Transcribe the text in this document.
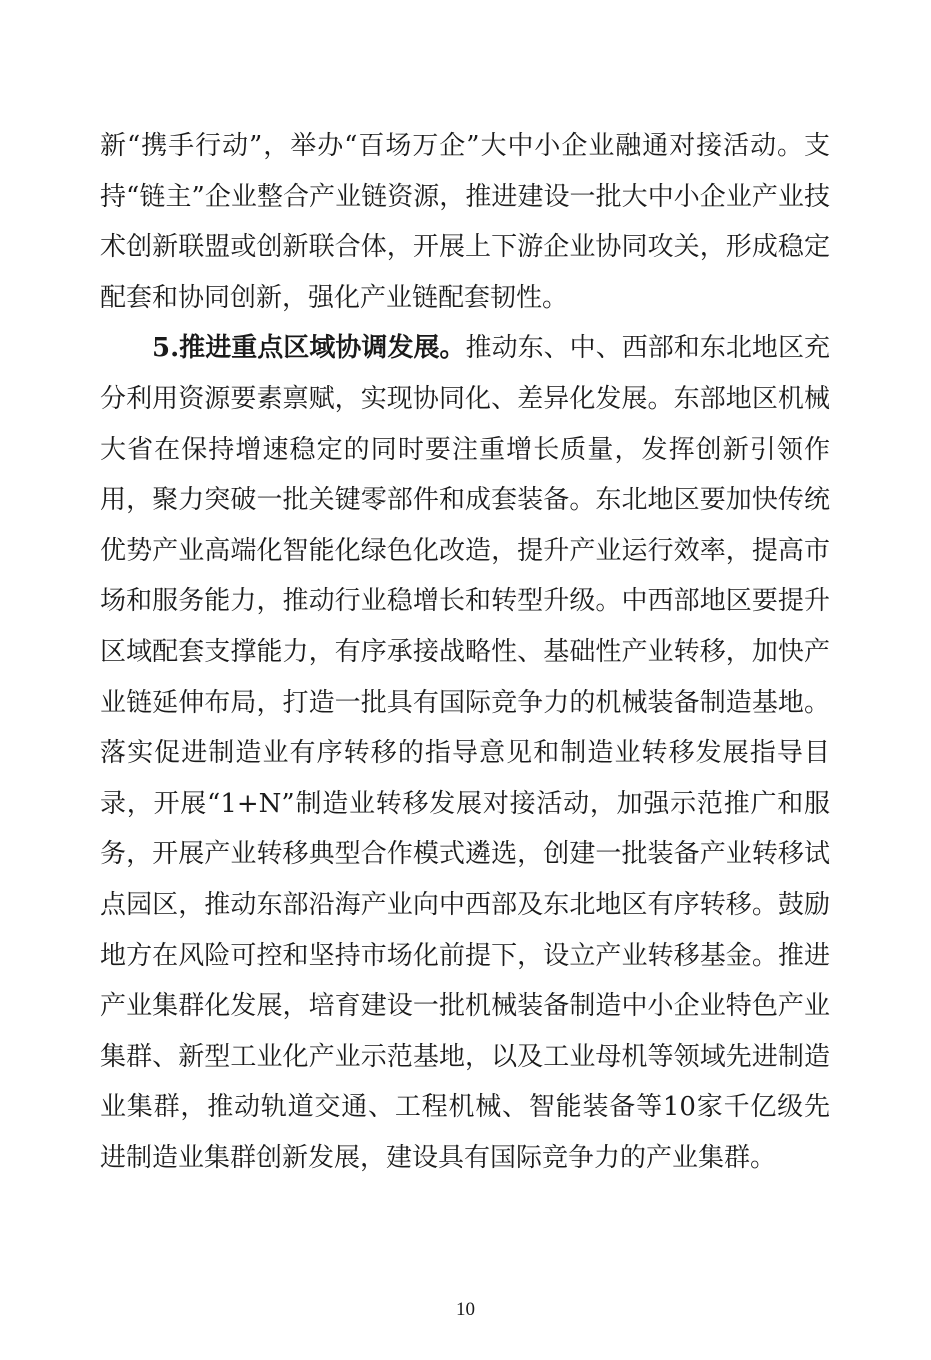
新“携手行动”，举办“百场万企”大中小企业融通对接活动。支持“链主”企业整合产业链资源，推进建设一批大中小企业产业技术创新联盟或创新联合体，开展上下游企业协同攻关，形成稳定配套和协同创新，强化产业链配套韧性。

5.推进重点区域协调发展。推动东、中、西部和东北地区充分利用资源要素禀赋，实现协同化、差异化发展。东部地区机械大省在保持增速稳定的同时要注重增长质量，发挥创新引领作用，聚力突破一批关键零部件和成套装备。东北地区要加快传统优势产业高端化智能化绿色化改造，提升产业运行效率，提高市场和服务能力，推动行业稳增长和转型升级。中西部地区要提升区域配套支撑能力，有序承接战略性、基础性产业转移，加快产业链延伸布局，打造一批具有国际竞争力的机械装备制造基地。落实促进制造业有序转移的指导意见和制造业转移发展指导目录，开展“1+N”制造业转移发展对接活动，加强示范推广和服务，开展产业转移典型合作模式遴选，创建一批装备产业转移试点园区，推动东部沿海产业向中西部及东北地区有序转移。鼓励地方在风险可控和坚持市场化前提下，设立产业转移基金。推进产业集群化发展，培育建设一批机械装备制造中小企业特色产业集群、新型工业化产业示范基地，以及工业母机等领域先进制造业集群，推动轨道交通、工程机械、智能装备等10家千亿级先进制造业集群创新发展，建设具有国际竞争力的产业集群。

10
